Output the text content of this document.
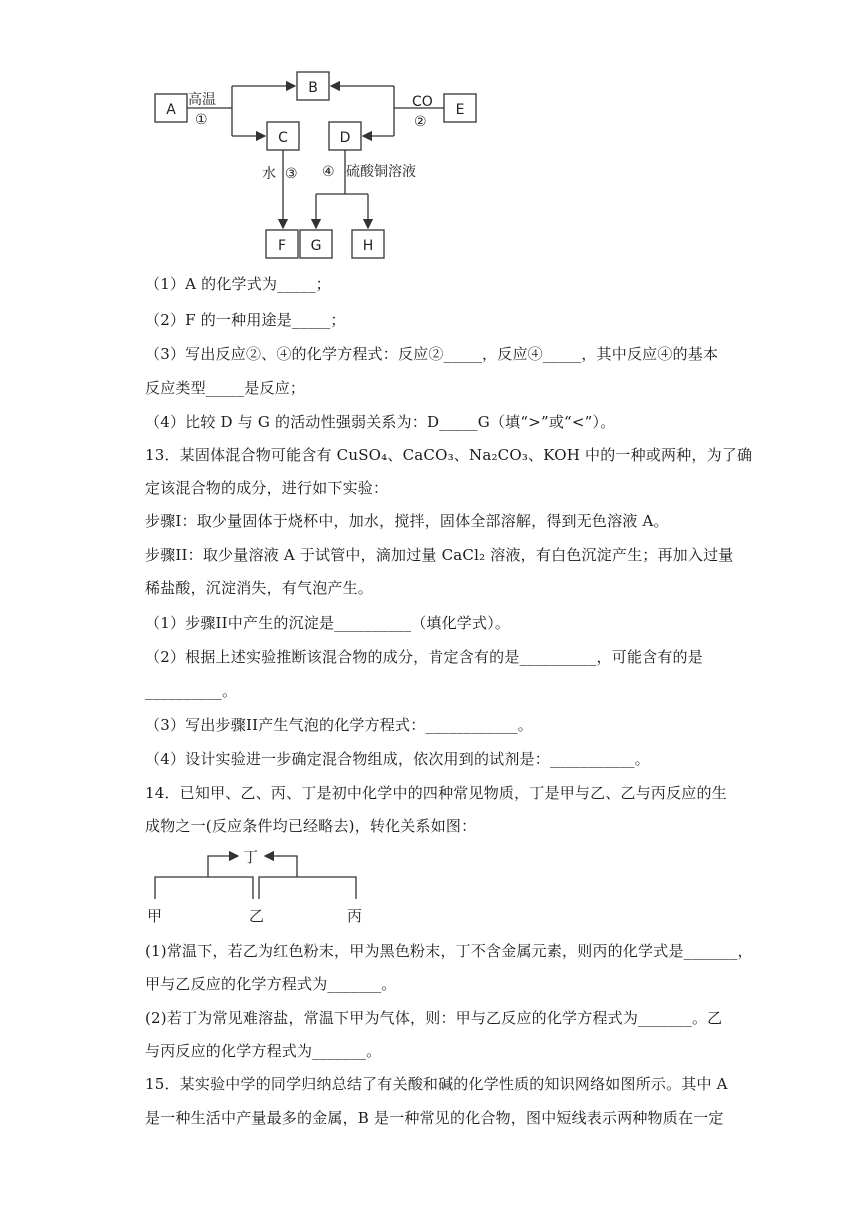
A
B
C	D
E
F G	H
高温
①
CO
②
水 ③ ④ 硫酸铜溶液
（1）A 的化学式为_____；
（2）F 的一种用途是_____；
（3）写出反应②、④的化学方程式：反应②_____，反应④_____，其中反应④的基本
反应类型_____是反应；
（4）比较 D 与 G 的活动性强弱关系为：D_____G（填“>”或“<”）。
13．某固体混合物可能含有 CuSO₄、CaCO₃、Na₂CO₃、KOH 中的一种或两种，为了确
定该混合物的成分，进行如下实验：
步骤I：取少量固体于烧杯中，加水，搅拌，固体全部溶解，得到无色溶液 A。
步骤II：取少量溶液 A 于试管中，滴加过量 CaCl₂ 溶液，有白色沉淀产生；再加入过量
稀盐酸，沉淀消失，有气泡产生。
（1）步骤II中产生的沉淀是__________（填化学式）。
（2）根据上述实验推断该混合物的成分，肯定含有的是__________，可能含有的是
__________。
（3）写出步骤II产生气泡的化学方程式：____________。
（4）设计实验进一步确定混合物组成，依次用到的试剂是：___________。
14．已知甲、乙、丙、丁是初中化学中的四种常见物质，丁是甲与乙、乙与丙反应的生
成物之一(反应条件均已经略去)，转化关系如图：
丁
甲	乙	丙
(1)常温下，若乙为红色粉末，甲为黑色粉末，丁不含金属元素，则丙的化学式是_______，
甲与乙反应的化学方程式为_______。
(2)若丁为常见难溶盐，常温下甲为气体，则：甲与乙反应的化学方程式为_______。乙
与丙反应的化学方程式为_______。
15．某实验中学的同学归纳总结了有关酸和碱的化学性质的知识网络如图所示。其中 A
是一种生活中产量最多的金属，B 是一种常见的化合物，图中短线表示两种物质在一定
